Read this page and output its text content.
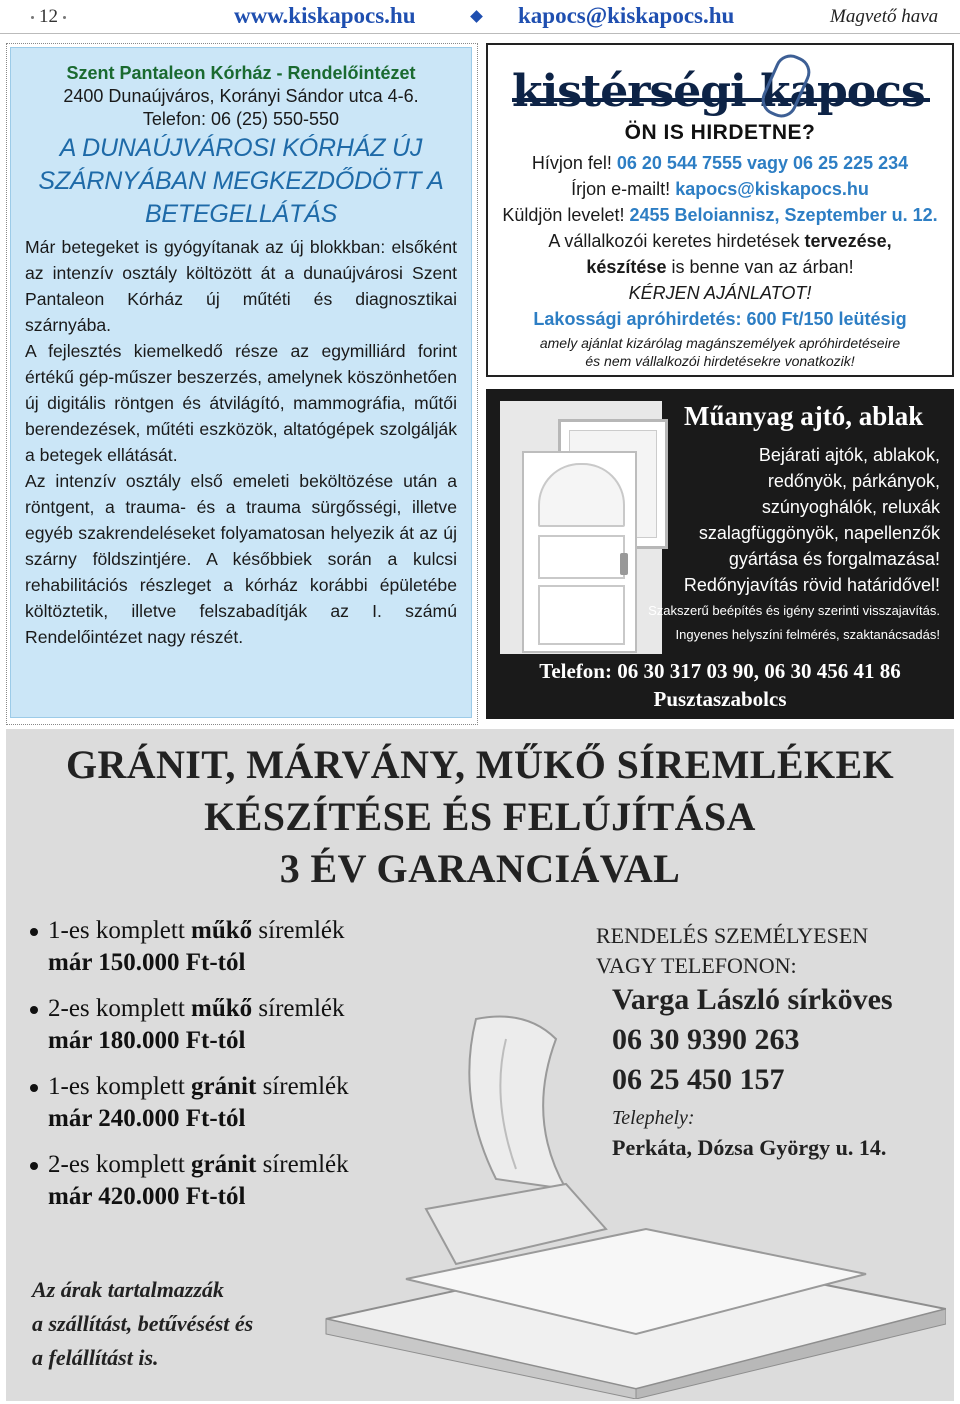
12	www.kiskapocs.hu	kapocs@kiskapocs.hu	Magvető hava
Szent Pantaleon Kórház - Rendelőintézet
2400 Dunaújváros, Korányi Sándor utca 4-6.
Telefon: 06 (25) 550-550
A DUNAÚJVÁROSI KÓRHÁZ ÚJ
SZÁRNYÁBAN MEGKEZDŐDÖTT A
BETEGELLÁTÁS

Már betegeket is gyógyítanak az új blokkban: elsőként az intenzív osztály költözött át a dunaújvárosi Szent Pantaleon Kórház új műtéti és diagnosztikai szárnyába.

A fejlesztés kiemelkedő része az egymilliárd forint értékű gép-műszer beszerzés, amelynek köszönhetően új digitális röntgen és átvilágító, mammográfia, műtői berendezések, műtéti eszközök, altatógépek szolgálják a betegek ellátását.

Az intenzív osztály első emeleti beköltözése után a röntgent, a trauma- és a trauma sürgősségi, illetve egyéb szakrendeléseket folyamatosan helyezik át az új szárny földszintjére. A későbbiek során a kulcsi rehabilitációs részleget a kórház korábbi épületébe költöztetik, illetve felszabadítják az I. számú Rendelőintézet nagy részét.

ÖN IS HIRDETNE?
Hívjon fel! 06 20 544 7555 vagy 06 25 225 234
Írjon e-mailt! kapocs@kiskapocs.hu
Küldjön levelet! 2455 Beloiannisz, Szeptember u. 12.
A vállalkozói keretes hirdetések tervezése,
készítése is benne van az árban!
KÉRJEN AJÁNLATOT!
Lakossági apróhirdetés: 600 Ft/150 leütésig
amely ajánlat kizárólag magánszemélyek apróhirdetéseire
és nem vállalkozói hirdetésekre vonatkozik!
kistérségi kapocs
Műanyag ajtó, ablak
Bejárati ajtók, ablakok,
redőnyök, párkányok,
szúnyoghálók, reluxák
szalagfüggönyök, napellenzők
gyártása és forgalmazása!
Redőnyjavítás rövid határidővel!
Szakszerű beépítés és igény szerinti visszajavítás.
Ingyenes helyszíni felmérés, szaktanácsadás!
Telefon: 06 30 317 03 90, 06 30 456 41 86
Pusztaszabolcs
GRÁNIT, MÁRVÁNY, MŰKŐ SÍREMLÉKEK
KÉSZÍTÉSE ÉS FELÚJÍTÁSA
3 ÉV GARANCIÁVAL
1-es komplett műkő síremlék
már 150.000 Ft-tól
2-es komplett műkő síremlék
már 180.000 Ft-tól
1-es komplett gránit síremlék
már 240.000 Ft-tól
2-es komplett gránit síremlék
már 420.000 Ft-tól
RENDELÉS SZEMÉLYESEN
VAGY TELEFONON:
Varga László sírköves
06 30 9390 263
06 25 450 157
Telephely:
Perkáta, Dózsa György u. 14.
Az árak tartalmazzák
a szállítást, betűvésést és
a felállítást is.
